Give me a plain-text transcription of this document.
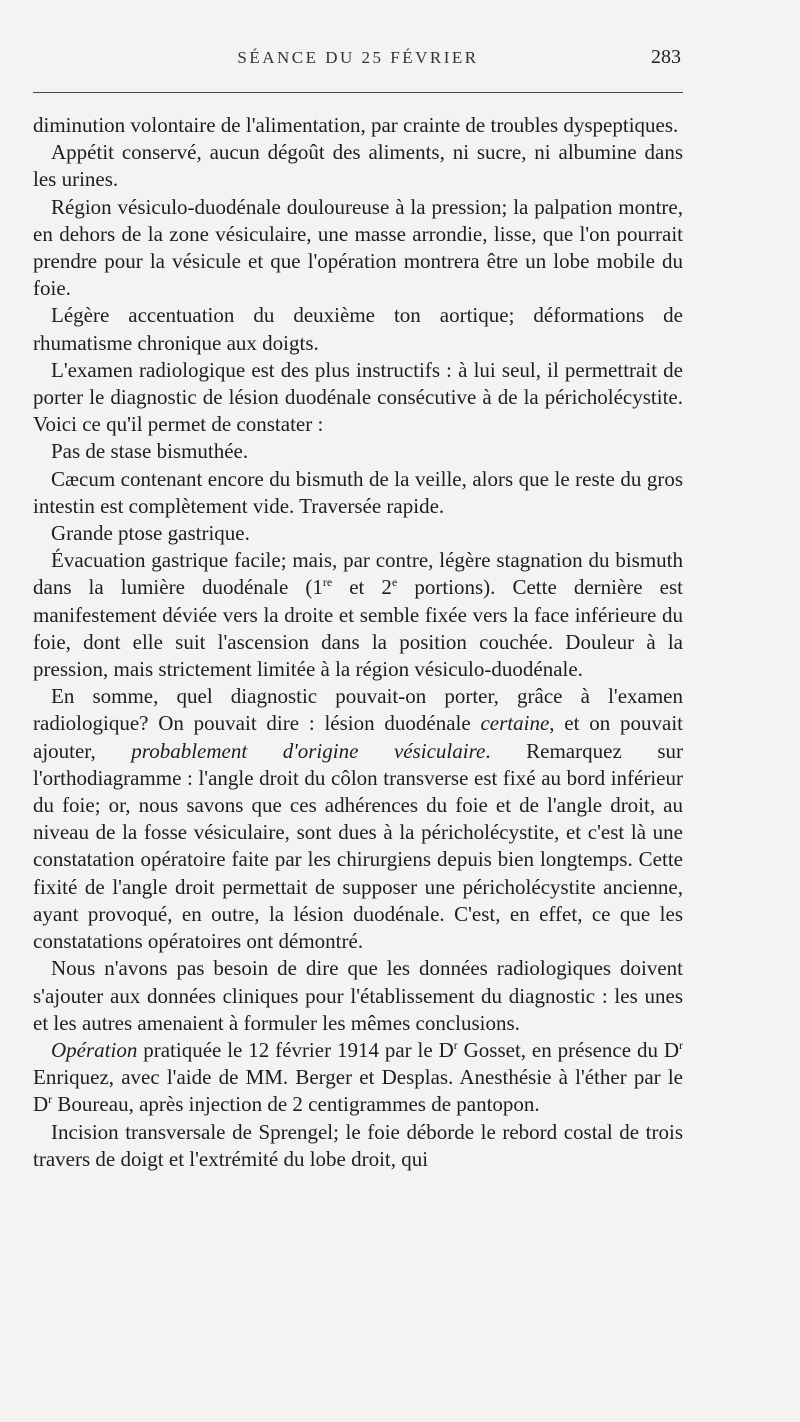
SÉANCE DU 25 FÉVRIER	283

diminution volontaire de l'alimentation, par crainte de troubles dyspeptiques.

Appétit conservé, aucun dégoût des aliments, ni sucre, ni albumine dans les urines.

Région vésiculo-duodénale douloureuse à la pression; la palpation montre, en dehors de la zone vésiculaire, une masse arrondie, lisse, que l'on pourrait prendre pour la vésicule et que l'opération montrera être un lobe mobile du foie.

Légère accentuation du deuxième ton aortique; déformations de rhumatisme chronique aux doigts.

L'examen radiologique est des plus instructifs : à lui seul, il permettrait de porter le diagnostic de lésion duodénale consécutive à de la péricholécystite. Voici ce qu'il permet de constater :

Pas de stase bismuthée.

Cæcum contenant encore du bismuth de la veille, alors que le reste du gros intestin est complètement vide. Traversée rapide.

Grande ptose gastrique.

Évacuation gastrique facile; mais, par contre, légère stagnation du bismuth dans la lumière duodénale (1re et 2e portions). Cette dernière est manifestement déviée vers la droite et semble fixée vers la face inférieure du foie, dont elle suit l'ascension dans la position couchée. Douleur à la pression, mais strictement limitée à la région vésiculo-duodénale.

En somme, quel diagnostic pouvait-on porter, grâce à l'examen radiologique? On pouvait dire : lésion duodénale certaine, et on pouvait ajouter, probablement d'origine vésiculaire. Remarquez sur l'orthodiagramme : l'angle droit du côlon transverse est fixé au bord inférieur du foie; or, nous savons que ces adhérences du foie et de l'angle droit, au niveau de la fosse vésiculaire, sont dues à la péricholécystite, et c'est là une constatation opératoire faite par les chirurgiens depuis bien longtemps. Cette fixité de l'angle droit permettait de supposer une péricholécystite ancienne, ayant provoqué, en outre, la lésion duodénale. C'est, en effet, ce que les constatations opératoires ont démontré.

Nous n'avons pas besoin de dire que les données radiologiques doivent s'ajouter aux données cliniques pour l'établissement du diagnostic : les unes et les autres amenaient à formuler les mêmes conclusions.

Opération pratiquée le 12 février 1914 par le $D^r$ Gosset, en présence du $D^r$ Enriquez, avec l'aide de MM. Berger et Desplas. Anesthésie à l'éther par le $D^r$ Boureau, après injection de 2 centigrammes de pantopon.

Incision transversale de Sprengel; le foie déborde le rebord costal de trois travers de doigt et l'extrémité du lobe droit, qui
